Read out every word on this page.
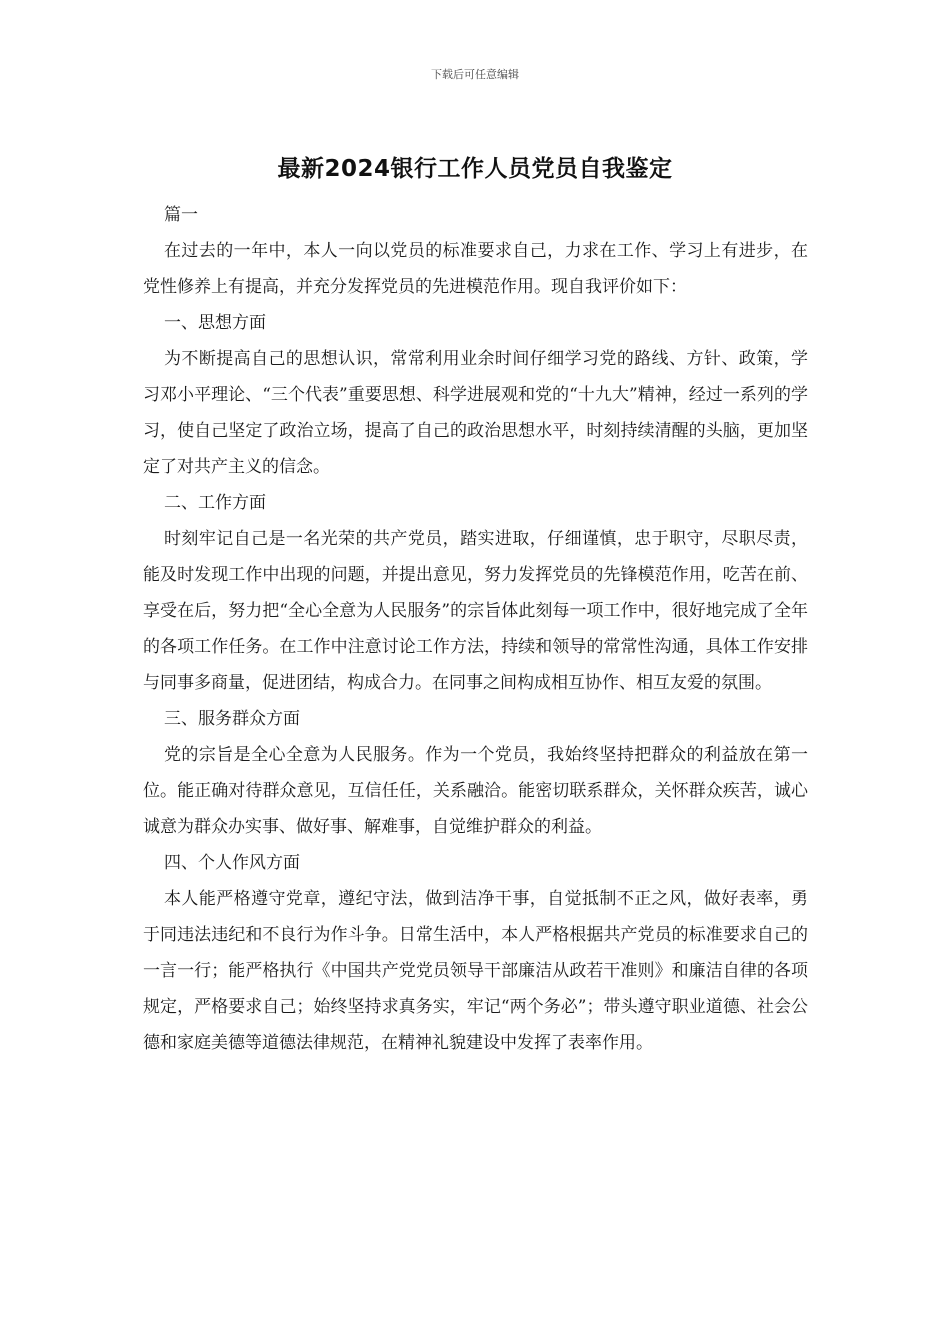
下载后可任意编辑
最新2024银行工作人员党员自我鉴定

篇一

在过去的一年中，本人一向以党员的标准要求自己，力求在工作、学习上有进步，在党性修养上有提高，并充分发挥党员的先进模范作用。现自我评价如下：

一、思想方面

为不断提高自己的思想认识，常常利用业余时间仔细学习党的路线、方针、政策，学习邓小平理论、“三个代表”重要思想、科学进展观和党的“十九大”精神，经过一系列的学习，使自己坚定了政治立场，提高了自己的政治思想水平，时刻持续清醒的头脑，更加坚定了对共产主义的信念。

二、工作方面

时刻牢记自己是一名光荣的共产党员，踏实进取，仔细谨慎，忠于职守，尽职尽责，能及时发现工作中出现的问题，并提出意见，努力发挥党员的先锋模范作用，吃苦在前、享受在后，努力把“全心全意为人民服务”的宗旨体此刻每一项工作中，很好地完成了全年的各项工作任务。在工作中注意讨论工作方法，持续和领导的常常性沟通，具体工作安排与同事多商量，促进团结，构成合力。在同事之间构成相互协作、相互友爱的氛围。

三、服务群众方面

党的宗旨是全心全意为人民服务。作为一个党员，我始终坚持把群众的利益放在第一位。能正确对待群众意见，互信任任，关系融洽。能密切联系群众，关怀群众疾苦，诚心诚意为群众办实事、做好事、解难事，自觉维护群众的利益。

四、个人作风方面

本人能严格遵守党章，遵纪守法，做到洁净干事，自觉抵制不正之风，做好表率，勇于同违法违纪和不良行为作斗争。日常生活中，本人严格根据共产党员的标准要求自己的一言一行；能严格执行《中国共产党党员领导干部廉洁从政若干准则》和廉洁自律的各项规定，严格要求自己；始终坚持求真务实，牢记“两个务必”；带头遵守职业道德、社会公德和家庭美德等道德法律规范，在精神礼貌建设中发挥了表率作用。
